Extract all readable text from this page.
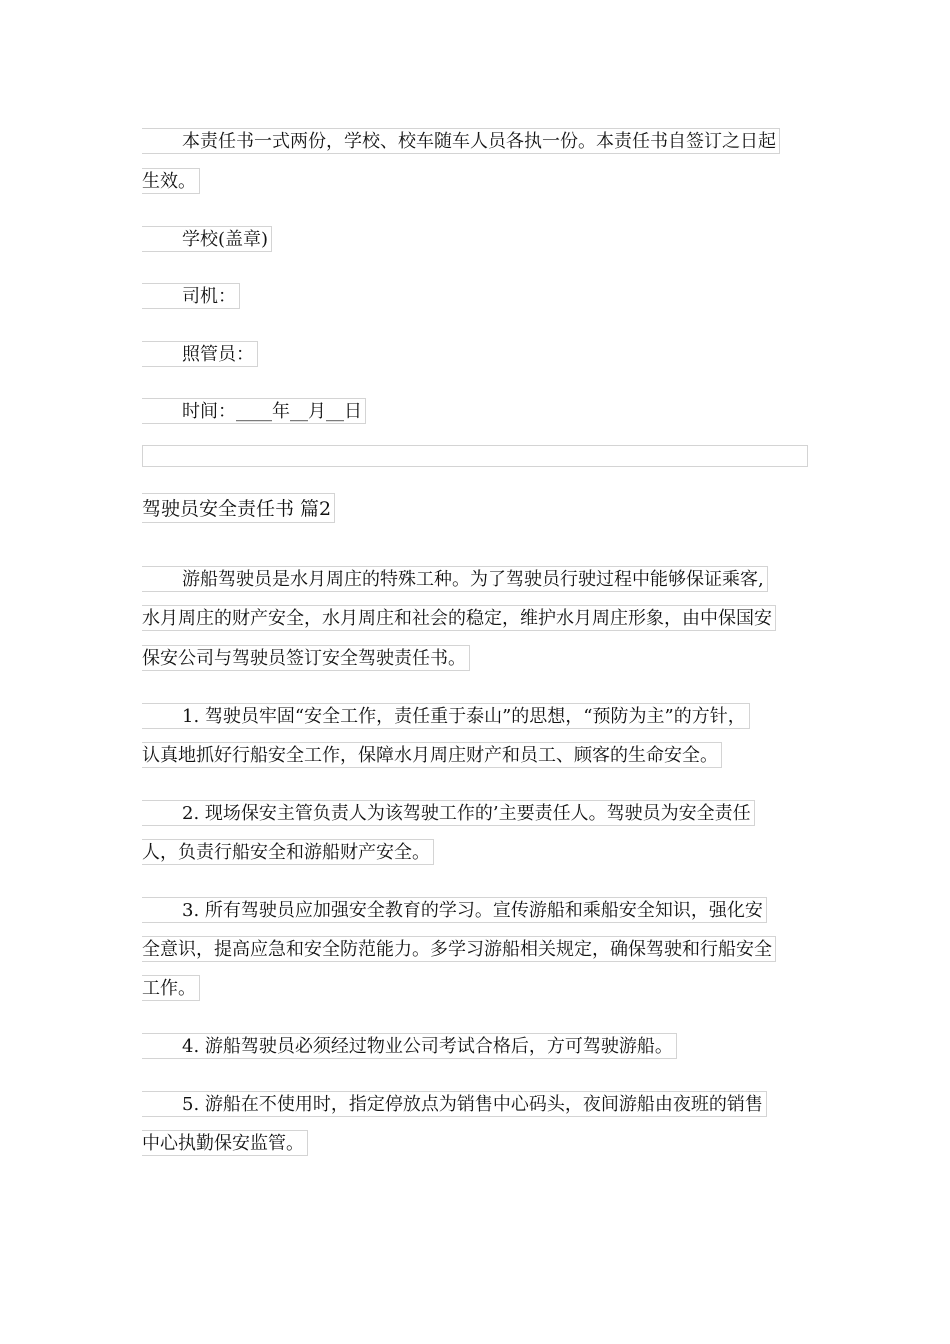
本责任书一式两份，学校、校车随车人员各执一份。本责任书自签订之日起
生效。
学校(盖章)
司机：
照管员：
时间：____年__月__日
驾驶员安全责任书 篇2
游船驾驶员是水月周庄的特殊工种。为了驾驶员行驶过程中能够保证乘客,
水月周庄的财产安全，水月周庄和社会的稳定，维护水月周庄形象，由中保国安
保安公司与驾驶员签订安全驾驶责任书。
1. 驾驶员牢固“安全工作，责任重于泰山”的思想，“预防为主”的方针，
认真地抓好行船安全工作，保障水月周庄财产和员工、顾客的生命安全。
2. 现场保安主管负责人为该驾驶工作的’主要责任人。驾驶员为安全责任
人，负责行船安全和游船财产安全。
3. 所有驾驶员应加强安全教育的学习。宣传游船和乘船安全知识，强化安
全意识，提高应急和安全防范能力。多学习游船相关规定，确保驾驶和行船安全
工作。
4. 游船驾驶员必须经过物业公司考试合格后，方可驾驶游船。
5. 游船在不使用时，指定停放点为销售中心码头，夜间游船由夜班的销售
中心执勤保安监管。
